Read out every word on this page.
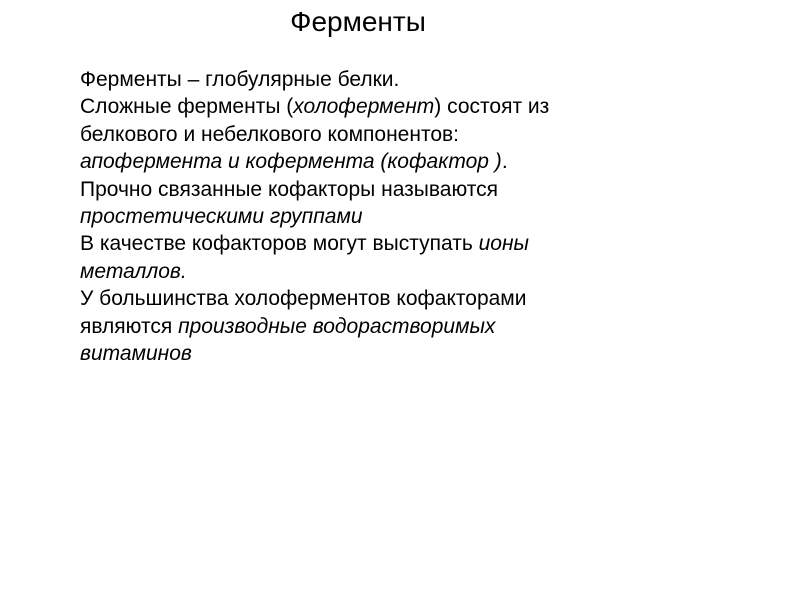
Ферменты
Ферменты – глобулярные белки.
Сложные ферменты (холофермент) состоят из
белкового и небелкового компонентов:
апофермента и кофермента (кофактор ).
Прочно связанные кофакторы называются
простетическими группами
В качестве кофакторов могут выступать ионы
металлов.
У большинства холоферментов кофакторами
являются производные водорастворимых
витаминов
